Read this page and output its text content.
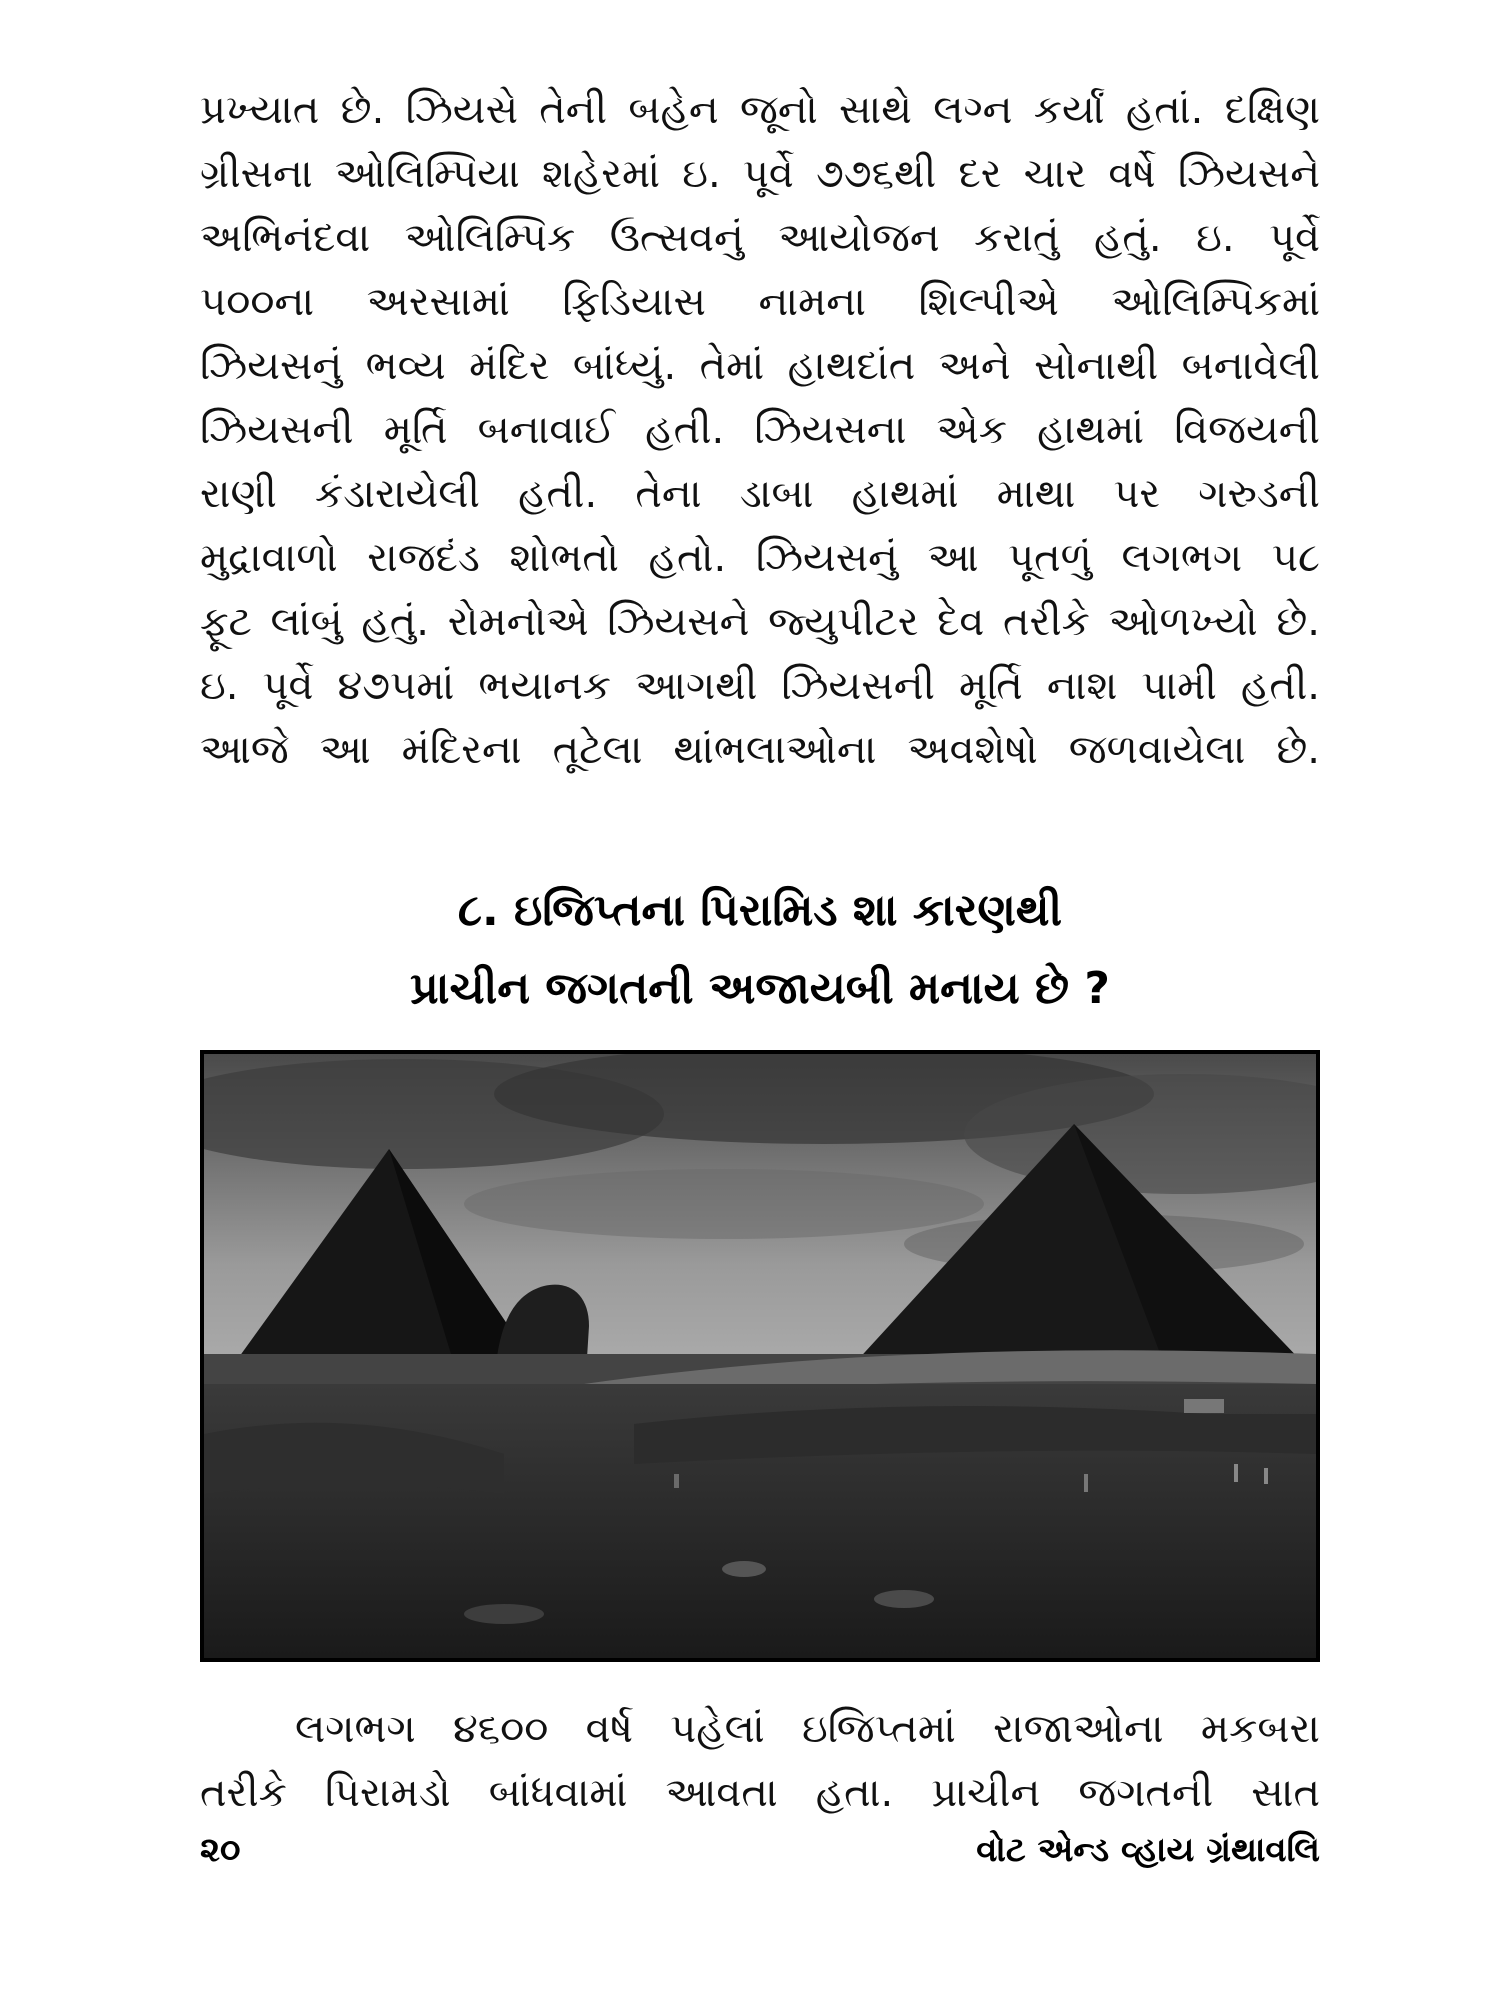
પ્રખ્યાત છે. ઝિયસે તેની બહેન જૂનો સાથે લગ્ન કર્યાં હતાં. દક્ષિણ
ગ્રીસના ઓલિમ્પિયા શહેરમાં ઇ. પૂર્વે ૭૭૬થી દર ચાર વર્ષે ઝિયસને
અભિનંદવા ઓલિમ્પિક ઉત્સવનું આયોજન કરાતું હતું. ઇ. પૂર્વે
૫૦૦ના અરસામાં ફિડિયાસ નામના શિલ્પીએ ઓલિમ્પિકમાં
ઝિયસનું ભવ્ય મંદિર બાંધ્યું. તેમાં હાથદાંત અને સોનાથી બનાવેલી
ઝિયસની મૂર્તિ બનાવાઈ હતી. ઝિયસના એક હાથમાં વિજયની
રાણી કંડારાયેલી હતી. તેના ડાબા હાથમાં માથા પર ગરુડની
મુદ્રાવાળો રાજદંડ શોભતો હતો. ઝિયસનું આ પૂતળું લગભગ ૫૮
ફૂટ લાંબું હતું. રોમનોએ ઝિયસને જ્યુપીટર દેવ તરીકે ઓળખ્યો છે.
ઇ. પૂર્વે ૪૭૫માં ભયાનક આગથી ઝિયસની મૂર્તિ નાશ પામી હતી.
આજે આ મંદિરના તૂટેલા થાંભલાઓના અવશેષો જળવાયેલા છે.
૮. ઇજિપ્તના પિરામિડ શા કારણથી
પ્રાચીન જગતની અજાયબી મનાય છે ?
લગભગ ૪૬૦૦ વર્ષ પહેલાં ઇજિપ્તમાં રાજાઓના મકબરા
તરીકે પિરામડો બાંધવામાં આવતા હતા. પ્રાચીન જગતની સાત
૨૦	વોટ એન્ડ વ્હાય ગ્રંથાવલિ
